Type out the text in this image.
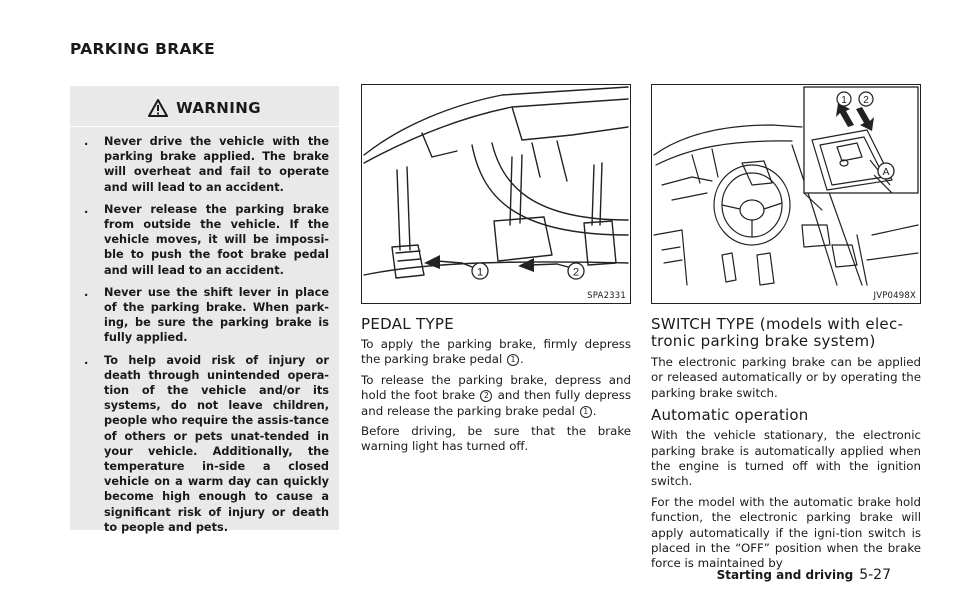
PARKING BRAKE
WARNING
. Never drive the vehicle with the parking brake applied. The brake will overheat and fail to operate and will lead to an accident.
. Never release the parking brake from outside the vehicle. If the vehicle moves, it will be impossi-ble to push the foot brake pedal and will lead to an accident.
. Never use the shift lever in place of the parking brake. When park-ing, be sure the parking brake is fully applied.
. To help avoid risk of injury or death through unintended opera-tion of the vehicle and/or its systems, do not leave children, people who require the assis-tance of others or pets unat-tended in your vehicle. Additionally, the temperature in-side a closed vehicle on a warm day can quickly become high enough to cause a significant risk of injury or death to people and pets.
1	2
SPA2331
1 2
A
JVP0498X
PEDAL TYPE

To apply the parking brake, firmly depress the parking brake pedal 1 .

To release the parking brake, depress and hold the foot brake 2 and then fully depress and release the parking brake pedal 1 .

Before driving, be sure that the brake warning light has turned off.

SWITCH TYPE (models with elec-tronic parking brake system)

The electronic parking brake can be applied or released automatically or by operating the parking brake switch.

Automatic operation

With the vehicle stationary, the electronic parking brake is automatically applied when the engine is turned off with the ignition switch.

For the model with the automatic brake hold function, the electronic parking brake will apply automatically if the igni-tion switch is placed in the “OFF” position when the brake force is maintained by

Starting and driving 5-27
